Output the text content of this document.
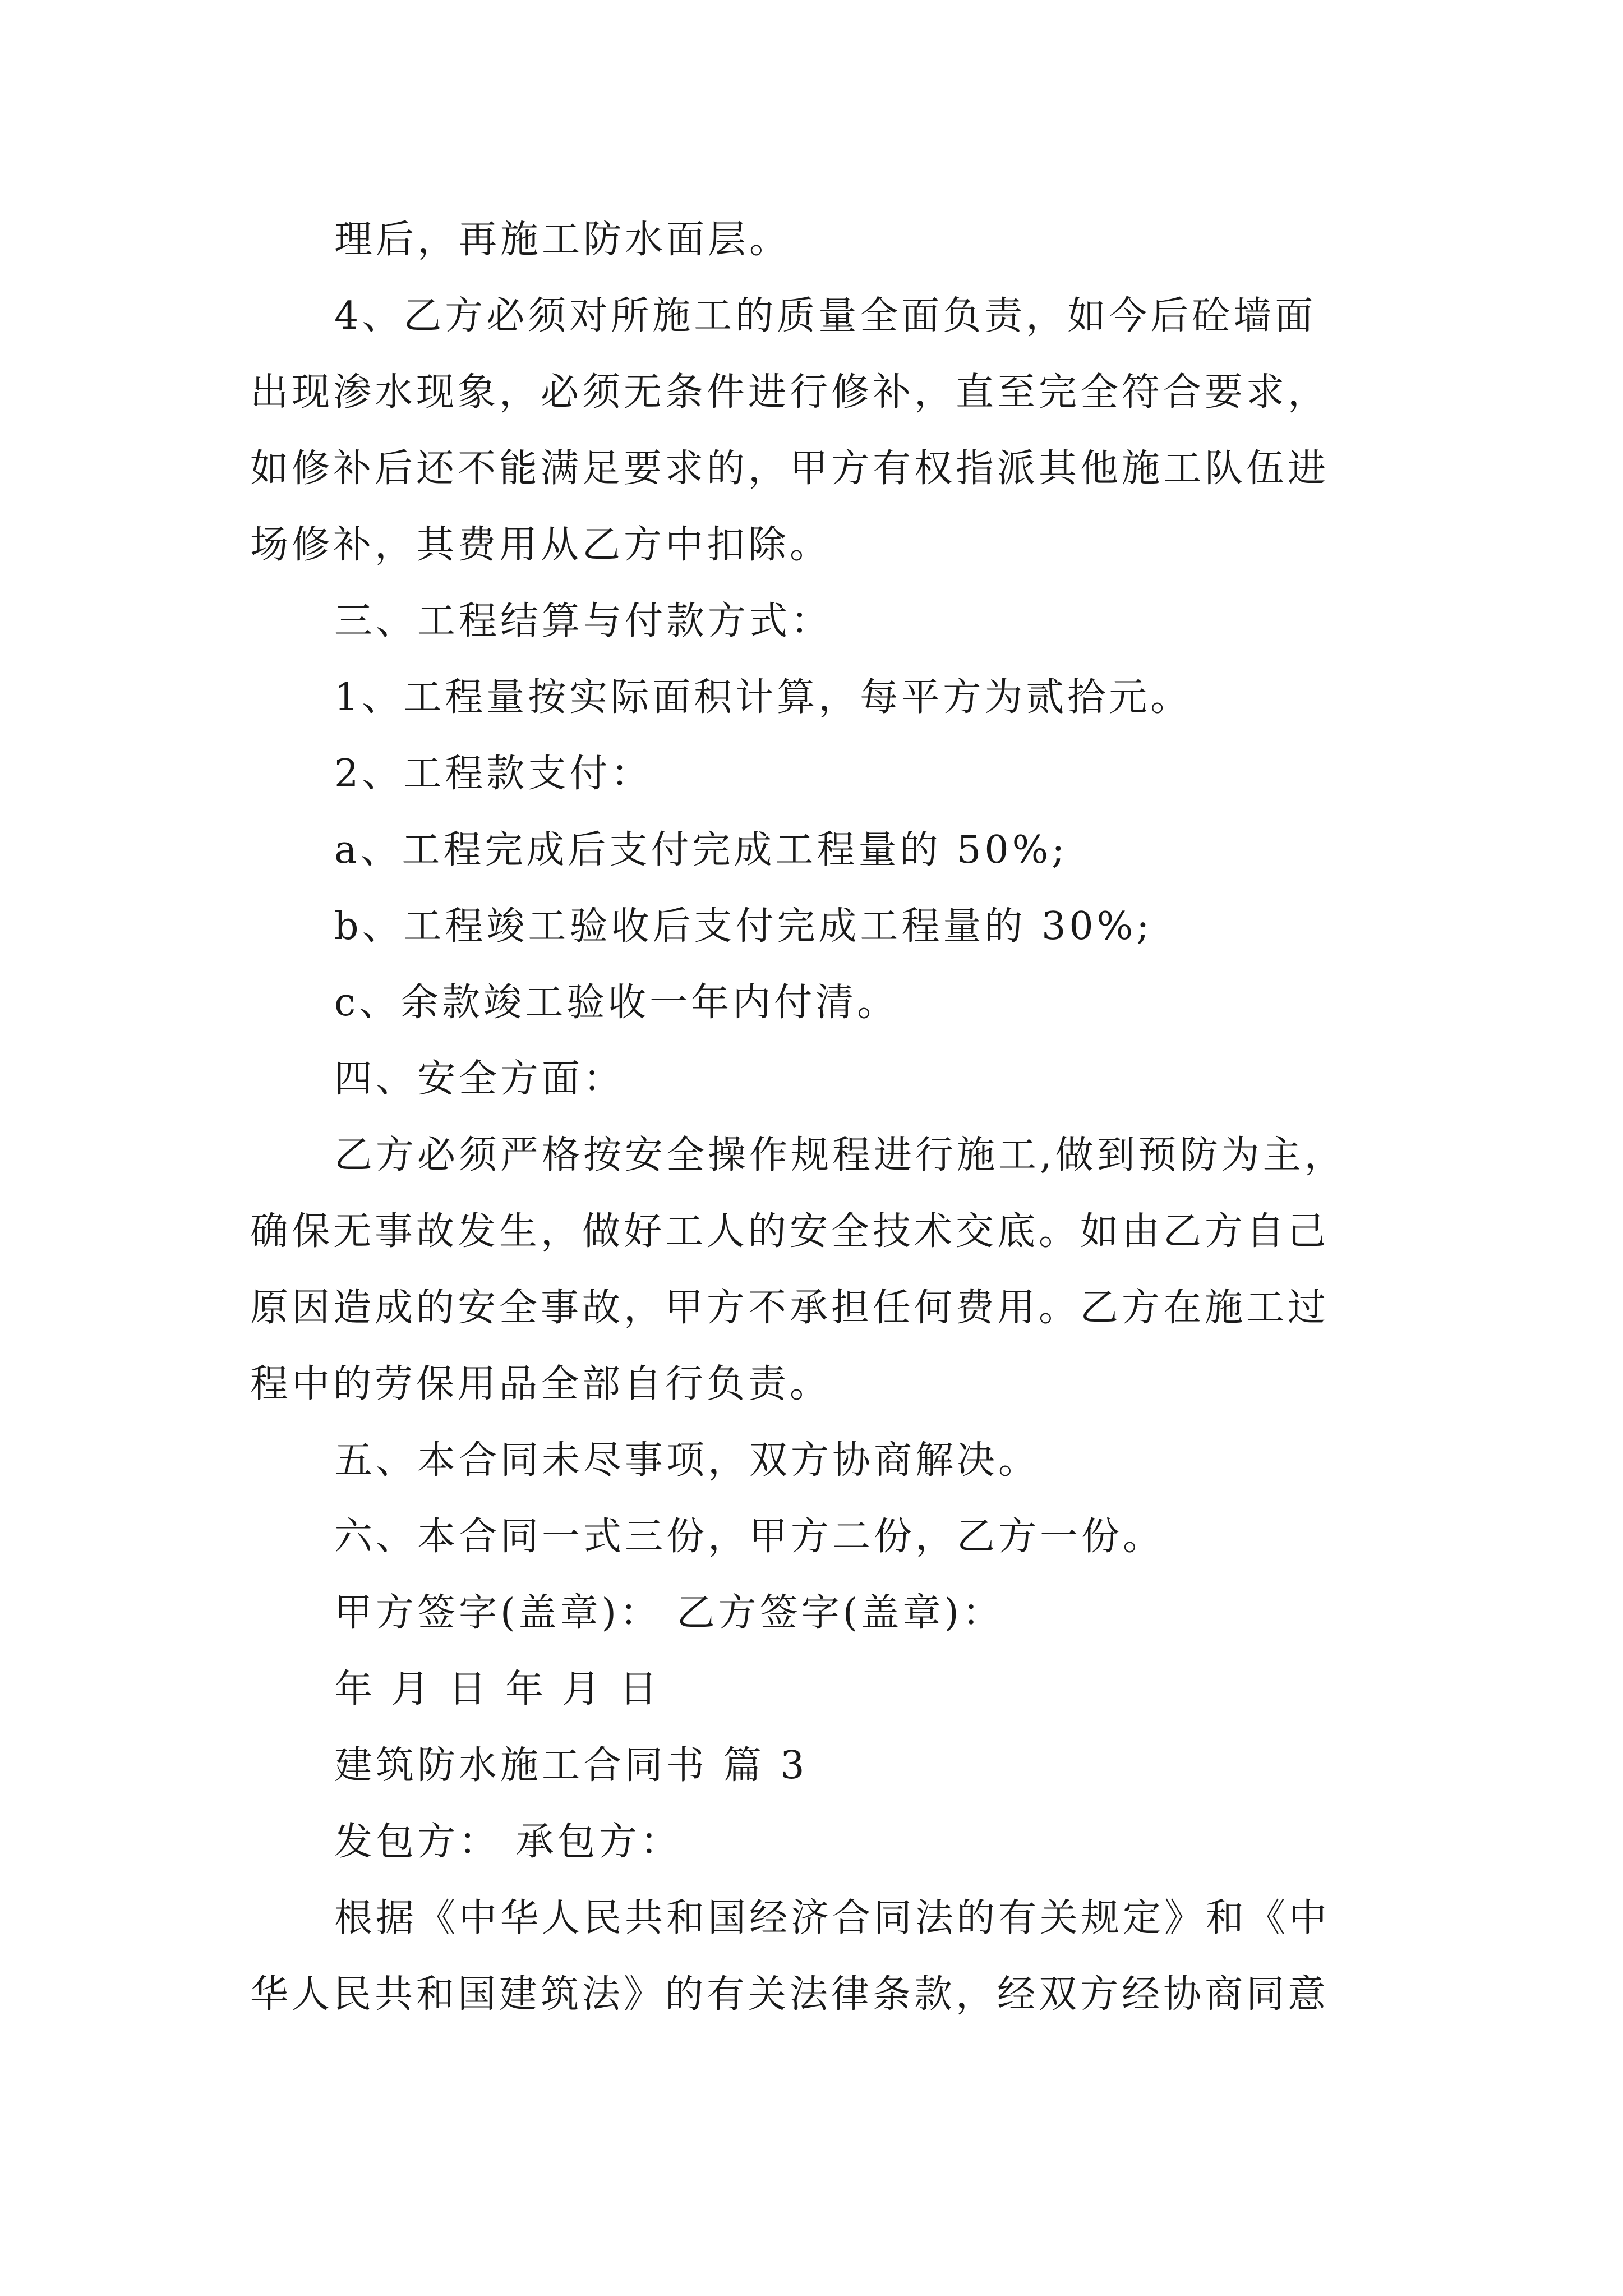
理后，再施工防水面层。
4、乙方必须对所施工的质量全面负责，如今后砼墙面
出现渗水现象，必须无条件进行修补，直至完全符合要求，
如修补后还不能满足要求的，甲方有权指派其他施工队伍进
场修补，其费用从乙方中扣除。
三、工程结算与付款方式：
1、工程量按实际面积计算，每平方为贰拾元。
2、工程款支付：
a、工程完成后支付完成工程量的 50%;
b、工程竣工验收后支付完成工程量的 30%;
c、余款竣工验收一年内付清。
四、安全方面：
乙方必须严格按安全操作规程进行施工,做到预防为主，
确保无事故发生，做好工人的安全技术交底。如由乙方自己
原因造成的安全事故，甲方不承担任何费用。乙方在施工过
程中的劳保用品全部自行负责。
五、本合同未尽事项，双方协商解决。
六、本合同一式三份，甲方二份，乙方一份。
甲方签字(盖章)： 乙方签字(盖章)：
年 月 日 年 月 日
建筑防水施工合同书 篇 3
发包方： 承包方：
根据《中华人民共和国经济合同法的有关规定》和《中
华人民共和国建筑法》的有关法律条款，经双方经协商同意
